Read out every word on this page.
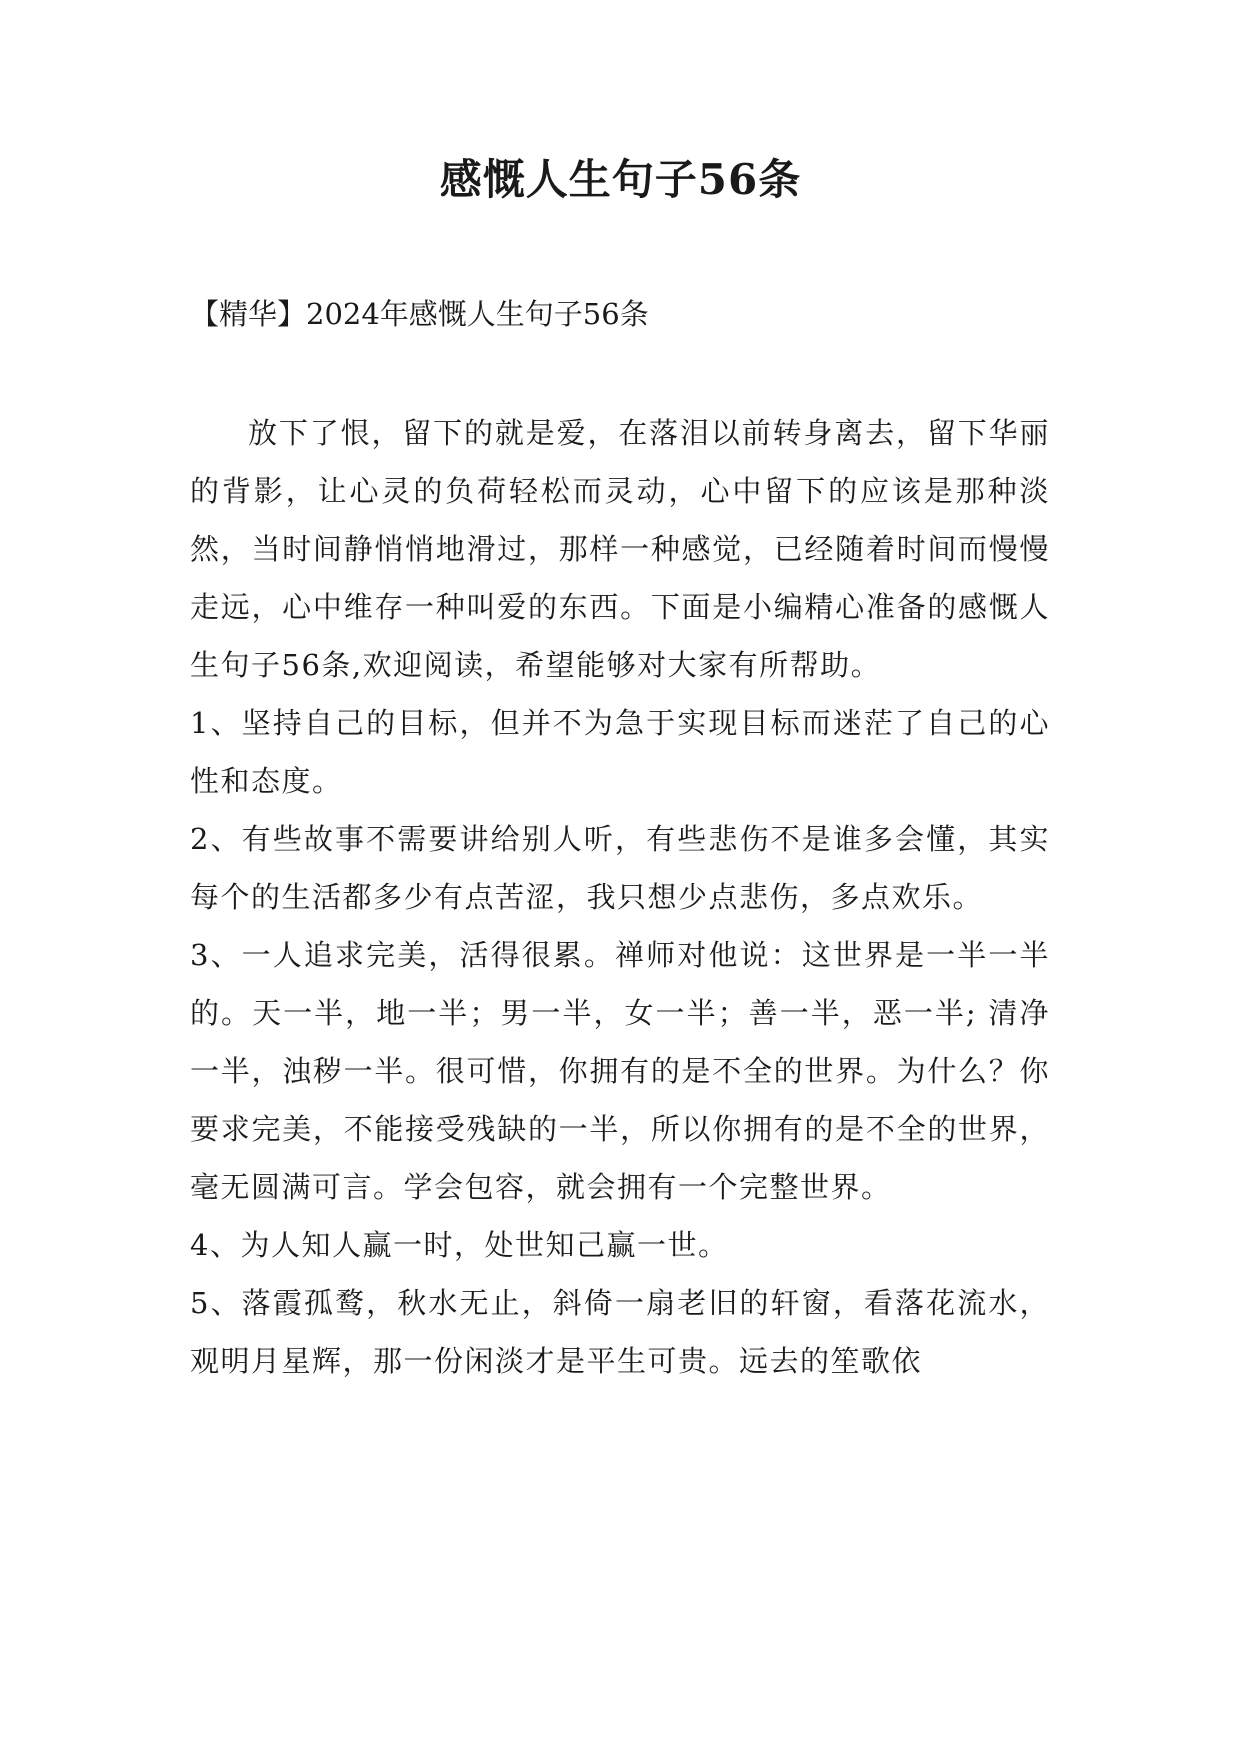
感慨人生句子56条

【精华】2024年感慨人生句子56条

放下了恨，留下的就是爱，在落泪以前转身离去，留下华丽的背影，让心灵的负荷轻松而灵动，心中留下的应该是那种淡然，当时间静悄悄地滑过，那样一种感觉，已经随着时间而慢慢走远，心中维存一种叫爱的东西。下面是小编精心准备的感慨人生句子56条,欢迎阅读，希望能够对大家有所帮助。

1、坚持自己的目标，但并不为急于实现目标而迷茫了自己的心性和态度。

2、有些故事不需要讲给别人听，有些悲伤不是谁多会懂，其实每个的生活都多少有点苦涩，我只想少点悲伤，多点欢乐。

3、一人追求完美，活得很累。禅师对他说：这世界是一半一半的。天一半，地一半；男一半，女一半；善一半，恶一半; 清净一半，浊秽一半。很可惜，你拥有的是不全的世界。为什么？你要求完美，不能接受残缺的一半，所以你拥有的是不全的世界，毫无圆满可言。学会包容，就会拥有一个完整世界。

4、为人知人赢一时，处世知己赢一世。

5、落霞孤鹜，秋水无止，斜倚一扇老旧的轩窗，看落花流水，观明月星辉，那一份闲淡才是平生可贵。远去的笙歌依
